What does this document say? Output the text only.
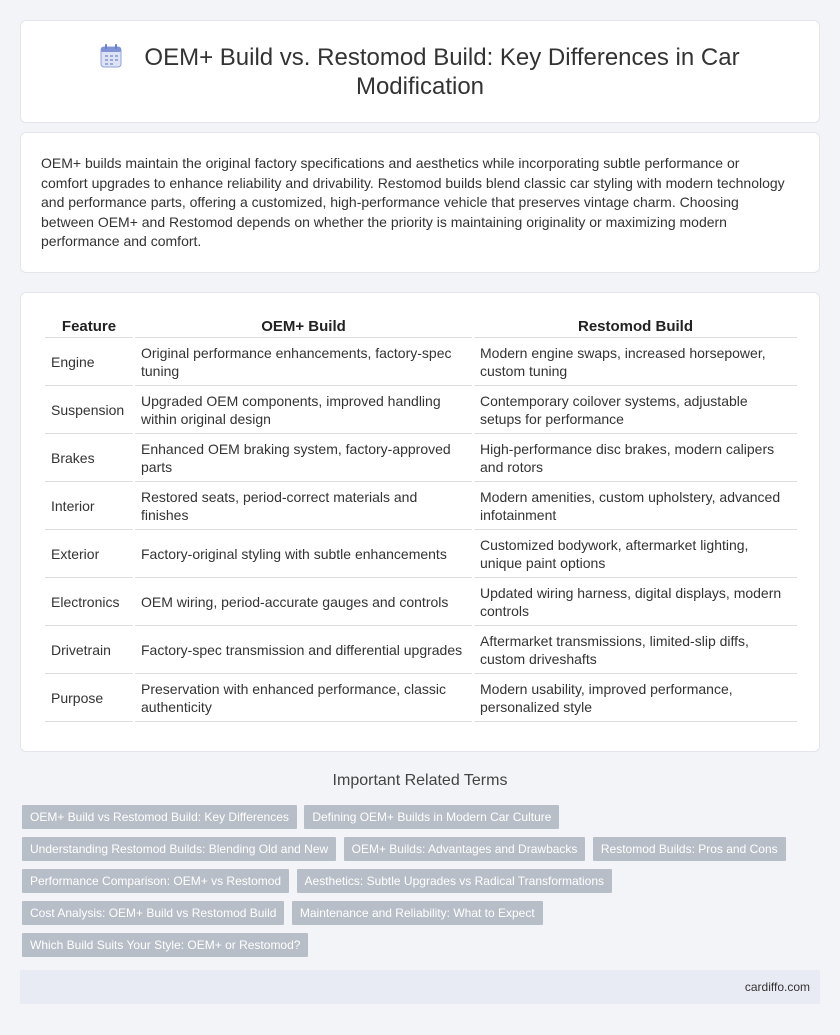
OEM+ Build vs. Restomod Build: Key Differences in Car Modification

OEM+ builds maintain the original factory specifications and aesthetics while incorporating subtle performance or comfort upgrades to enhance reliability and drivability. Restomod builds blend classic car styling with modern technology and performance parts, offering a customized, high-performance vehicle that preserves vintage charm. Choosing between OEM+ and Restomod depends on whether the priority is maintaining originality or maximizing modern performance and comfort.

Feature	OEM+ Build	Restomod Build
Engine	Original performance enhancements, factory-spec tuning	Modern engine swaps, increased horsepower, custom tuning
Suspension	Upgraded OEM components, improved handling within original design	Contemporary coilover systems, adjustable setups for performance
Brakes	Enhanced OEM braking system, factory-approved parts	High-performance disc brakes, modern calipers and rotors
Interior	Restored seats, period-correct materials and finishes	Modern amenities, custom upholstery, advanced infotainment
Exterior	Factory-original styling with subtle enhancements	Customized bodywork, aftermarket lighting, unique paint options
Electronics	OEM wiring, period-accurate gauges and controls	Updated wiring harness, digital displays, modern controls
Drivetrain	Factory-spec transmission and differential upgrades	Aftermarket transmissions, limited-slip diffs, custom driveshafts
Purpose	Preservation with enhanced performance, classic authenticity	Modern usability, improved performance, personalized style
Important Related Terms
OEM+ Build vs Restomod Build: Key Differences Defining OEM+ Builds in Modern Car Culture Understanding Restomod Builds: Blending Old and New OEM+ Builds: Advantages and Drawbacks Restomod Builds: Pros and Cons Performance Comparison: OEM+ vs Restomod Aesthetics: Subtle Upgrades vs Radical Transformations Cost Analysis: OEM+ Build vs Restomod Build Maintenance and Reliability: What to Expect Which Build Suits Your Style: OEM+ or Restomod?
cardiffo.com
